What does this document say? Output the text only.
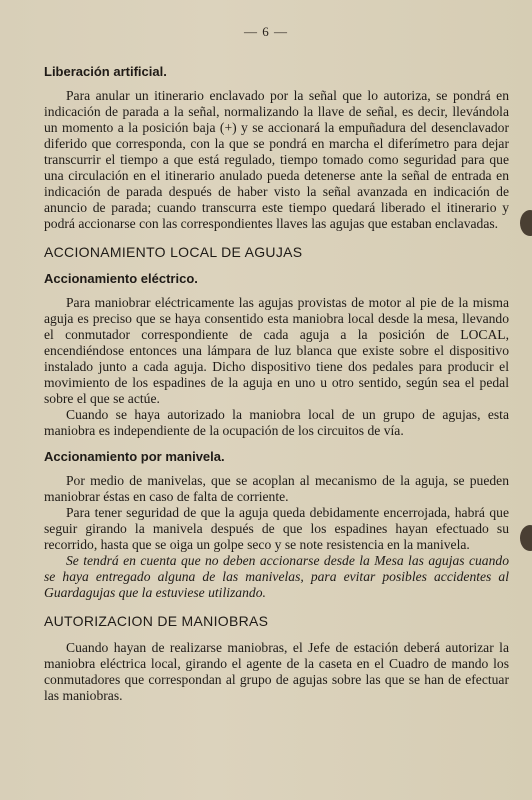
— 6 —
Liberación artificial.

Para anular un itinerario enclavado por la señal que lo autoriza, se pondrá en indicación de parada a la señal, normalizando la llave de señal, es decir, llevándola un momento a la posición baja (+) y se accionará la empuñadura del desenclavador diferido que corresponda, con la que se pondrá en marcha el diferímetro para dejar transcurrir el tiempo a que está regulado, tiempo tomado como seguridad para que una circulación en el itinerario anulado pueda detenerse ante la señal de entrada en indicación de parada después de haber visto la señal avanzada en indicación de anuncio de parada; cuando transcurra este tiempo quedará liberado el itinerario y podrá accionarse con las correspondientes llaves las agujas que estaban enclavadas.

ACCIONAMIENTO LOCAL DE AGUJAS
Accionamiento eléctrico.

Para maniobrar eléctricamente las agujas provistas de motor al pie de la misma aguja es preciso que se haya consentido esta maniobra local desde la mesa, llevando el conmutador correspondiente de cada aguja a la posición de LOCAL, encendiéndose entonces una lámpara de luz blanca que existe sobre el dispositivo instalado junto a cada aguja. Dicho dispositivo tiene dos pedales para producir el movimiento de los espadines de la aguja en uno u otro sentido, según sea el pedal sobre el que se actúe.

Cuando se haya autorizado la maniobra local de un grupo de agujas, esta maniobra es independiente de la ocupación de los circuitos de vía.

Accionamiento por manivela.

Por medio de manivelas, que se acoplan al mecanismo de la aguja, se pueden maniobrar éstas en caso de falta de corriente.

Para tener seguridad de que la aguja queda debidamente encerrojada, habrá que seguir girando la manivela después de que los espadines hayan efectuado su recorrido, hasta que se oiga un golpe seco y se note resistencia en la manivela.

Se tendrá en cuenta que no deben accionarse desde la Mesa las agujas cuando se haya entregado alguna de las manivelas, para evitar posibles accidentes al Guardagujas que la estuviese utilizando.

AUTORIZACION DE MANIOBRAS

Cuando hayan de realizarse maniobras, el Jefe de estación deberá autorizar la maniobra eléctrica local, girando el agente de la caseta en el Cuadro de mando los conmutadores que correspondan al grupo de agujas sobre las que se han de efectuar las maniobras.
